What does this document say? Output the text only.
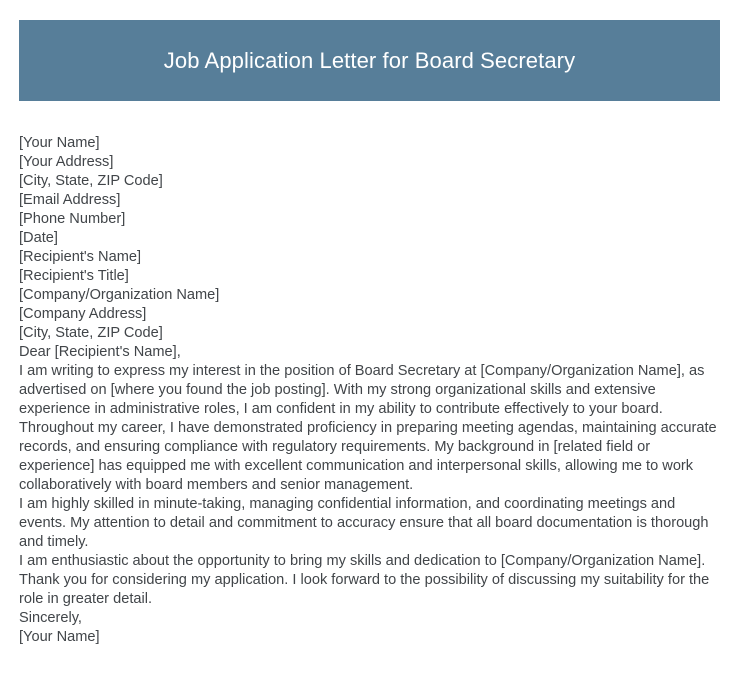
Job Application Letter for Board Secretary

[Your Name]

[Your Address]

[City, State, ZIP Code]

[Email Address]

[Phone Number]

[Date]

[Recipient's Name]

[Recipient's Title]

[Company/Organization Name]

[Company Address]

[City, State, ZIP Code]

Dear [Recipient's Name],

I am writing to express my interest in the position of Board Secretary at [Company/Organization Name], as advertised on [where you found the job posting]. With my strong organizational skills and extensive experience in administrative roles, I am confident in my ability to contribute effectively to your board.

Throughout my career, I have demonstrated proficiency in preparing meeting agendas, maintaining accurate records, and ensuring compliance with regulatory requirements. My background in [related field or experience] has equipped me with excellent communication and interpersonal skills, allowing me to work collaboratively with board members and senior management.

I am highly skilled in minute-taking, managing confidential information, and coordinating meetings and events. My attention to detail and commitment to accuracy ensure that all board documentation is thorough and timely.

I am enthusiastic about the opportunity to bring my skills and dedication to [Company/Organization Name]. Thank you for considering my application. I look forward to the possibility of discussing my suitability for the role in greater detail.

Sincerely,

[Your Name]
